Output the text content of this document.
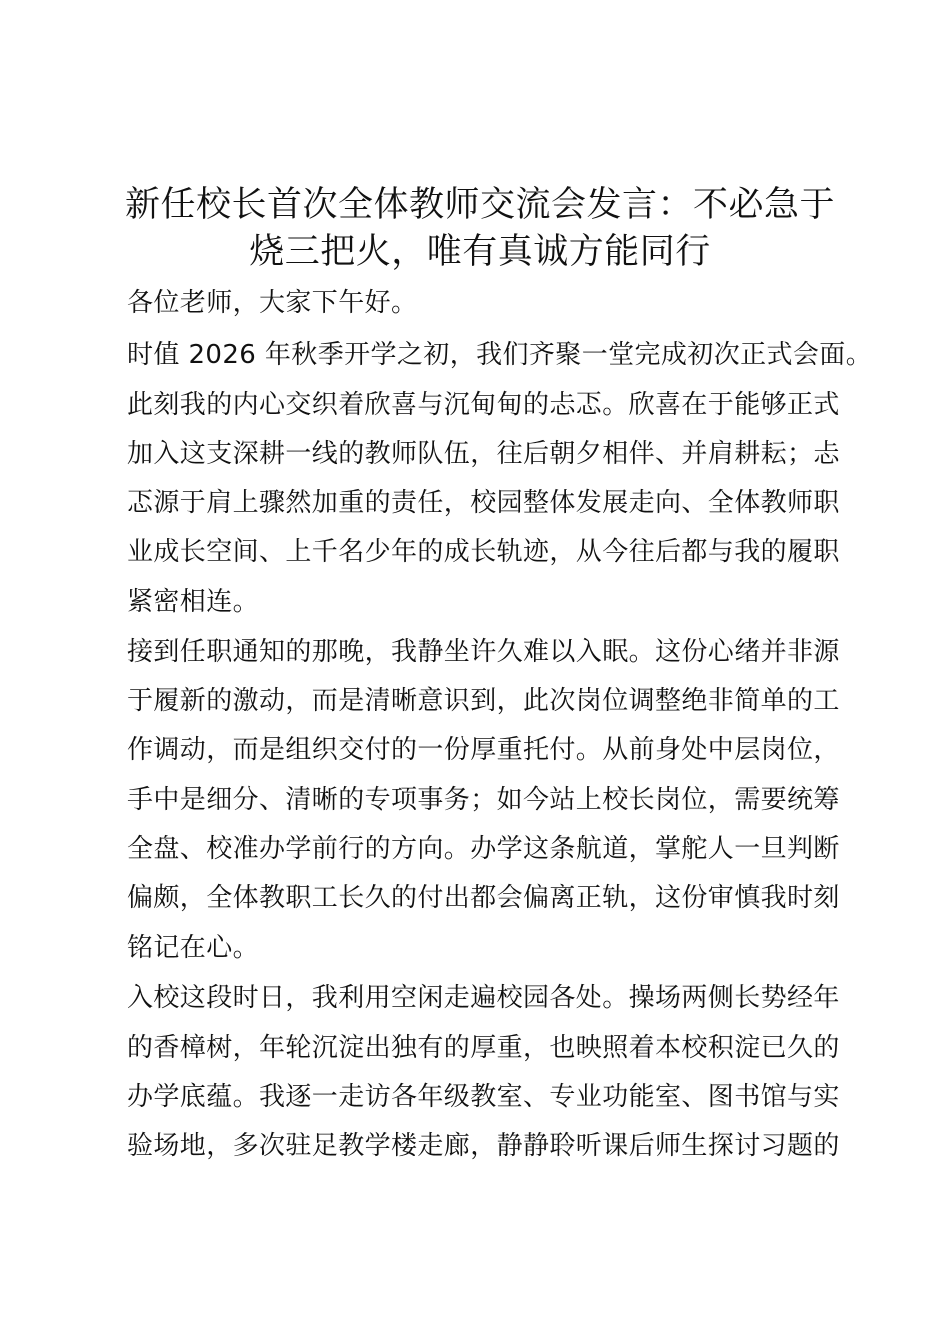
新任校长首次全体教师交流会发言：不必急于
烧三把火，唯有真诚方能同行
各位老师，大家下午好。
时值 2026 年秋季开学之初，我们齐聚一堂完成初次正式会面。
此刻我的内心交织着欣喜与沉甸甸的忐忑。欣喜在于能够正式
加入这支深耕一线的教师队伍，往后朝夕相伴、并肩耕耘；忐
忑源于肩上骤然加重的责任，校园整体发展走向、全体教师职
业成长空间、上千名少年的成长轨迹，从今往后都与我的履职
紧密相连。
接到任职通知的那晚，我静坐许久难以入眠。这份心绪并非源
于履新的激动，而是清晰意识到，此次岗位调整绝非简单的工
作调动，而是组织交付的一份厚重托付。从前身处中层岗位，
手中是细分、清晰的专项事务；如今站上校长岗位，需要统筹
全盘、校准办学前行的方向。办学这条航道，掌舵人一旦判断
偏颇，全体教职工长久的付出都会偏离正轨，这份审慎我时刻
铭记在心。
入校这段时日，我利用空闲走遍校园各处。操场两侧长势经年
的香樟树，年轮沉淀出独有的厚重，也映照着本校积淀已久的
办学底蕴。我逐一走访各年级教室、专业功能室、图书馆与实
验场地，多次驻足教学楼走廊，静静聆听课后师生探讨习题的
